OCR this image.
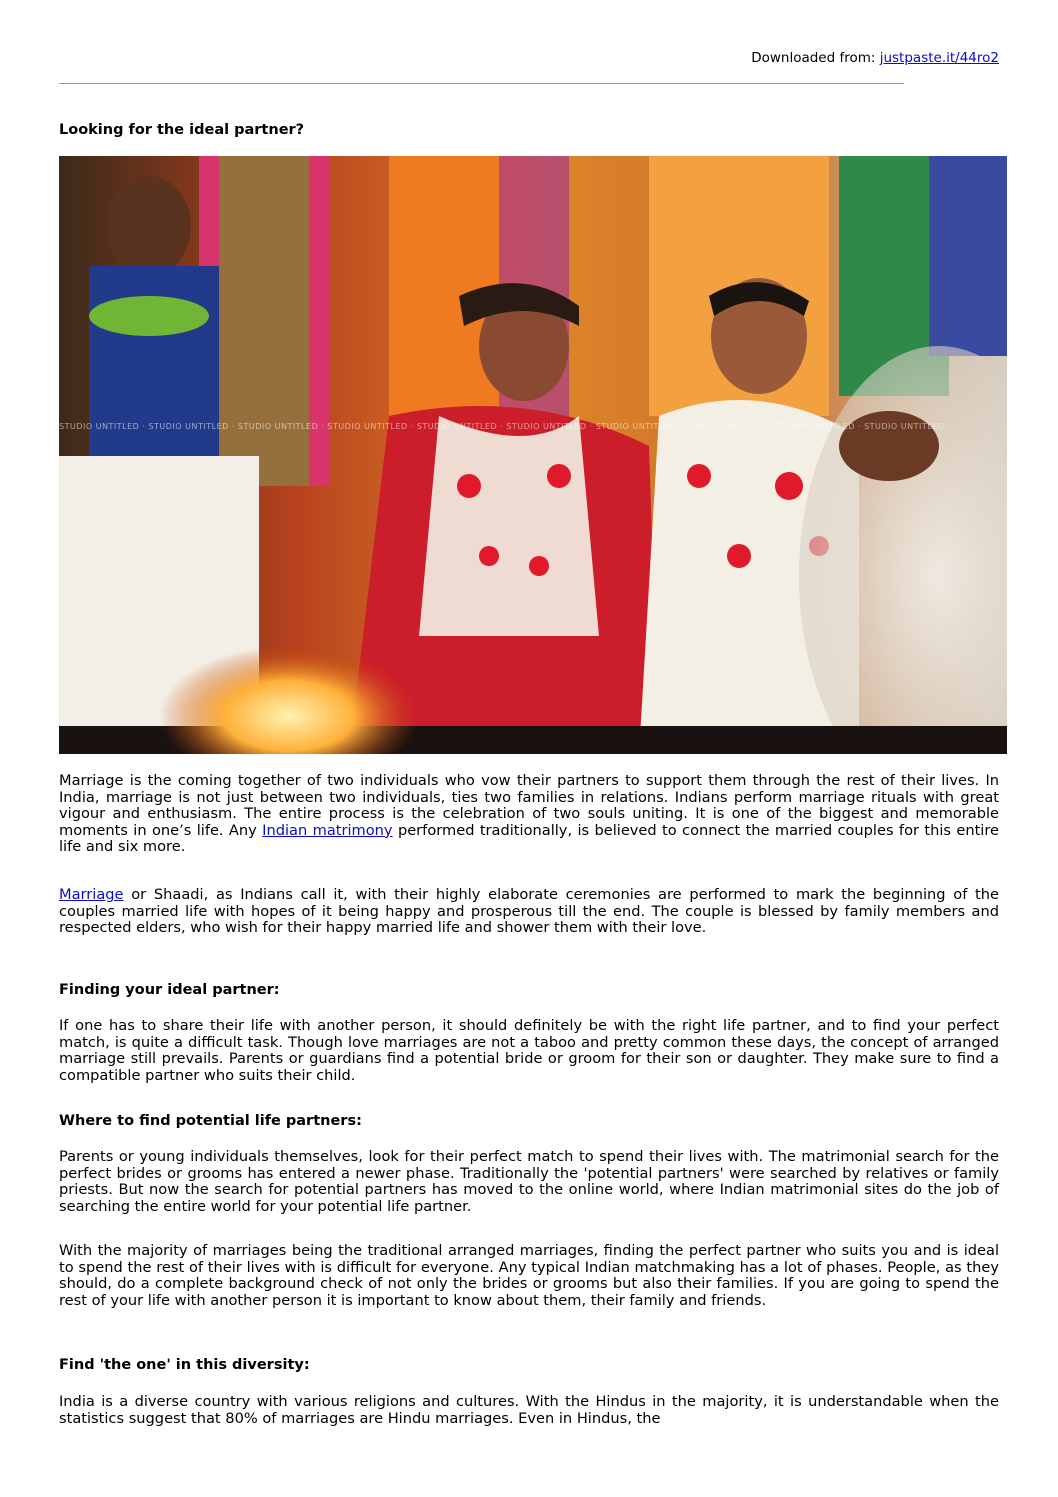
Downloaded from: justpaste.it/44ro2
Looking for the ideal partner?
STUDIO UNTITLED · STUDIO UNTITLED · STUDIO UNTITLED · STUDIO UNTITLED · STUDIO UNTITLED · STUDIO UNTITLED · STUDIO UNTITLED · STUDIO UNTITLED · STUDIO UNTITLED · STUDIO UNTITLED

Marriage is the coming together of two individuals who vow their partners to support them through the rest of their lives. In India, marriage is not just between two individuals, ties two families in relations. Indians perform marriage rituals with great vigour and enthusiasm. The entire process is the celebration of two souls uniting. It is one of the biggest and memorable moments in one’s life. Any Indian matrimony performed traditionally, is believed to connect the married couples for this entire life and six more.

Marriage or Shaadi, as Indians call it, with their highly elaborate ceremonies are performed to mark the beginning of the couples married life with hopes of it being happy and prosperous till the end. The couple is blessed by family members and respected elders, who wish for their happy married life and shower them with their love.

Finding your ideal partner:

If one has to share their life with another person, it should definitely be with the right life partner, and to find your perfect match, is quite a difficult task. Though love marriages are not a taboo and pretty common these days, the concept of arranged marriage still prevails. Parents or guardians find a potential bride or groom for their son or daughter. They make sure to find a compatible partner who suits their child.

Where to find potential life partners:

Parents or young individuals themselves, look for their perfect match to spend their lives with. The matrimonial search for the perfect brides or grooms has entered a newer phase. Traditionally the 'potential partners' were searched by relatives or family priests. But now the search for potential partners has moved to the online world, where Indian matrimonial sites do the job of searching the entire world for your potential life partner.

With the majority of marriages being the traditional arranged marriages, finding the perfect partner who suits you and is ideal to spend the rest of their lives with is difficult for everyone. Any typical Indian matchmaking has a lot of phases. People, as they should, do a complete background check of not only the brides or grooms but also their families. If you are going to spend the rest of your life with another person it is important to know about them, their family and friends.

Find 'the one' in this diversity:

India is a diverse country with various religions and cultures. With the Hindus in the majority, it is understandable when the statistics suggest that 80% of marriages are Hindu marriages. Even in Hindus, the
